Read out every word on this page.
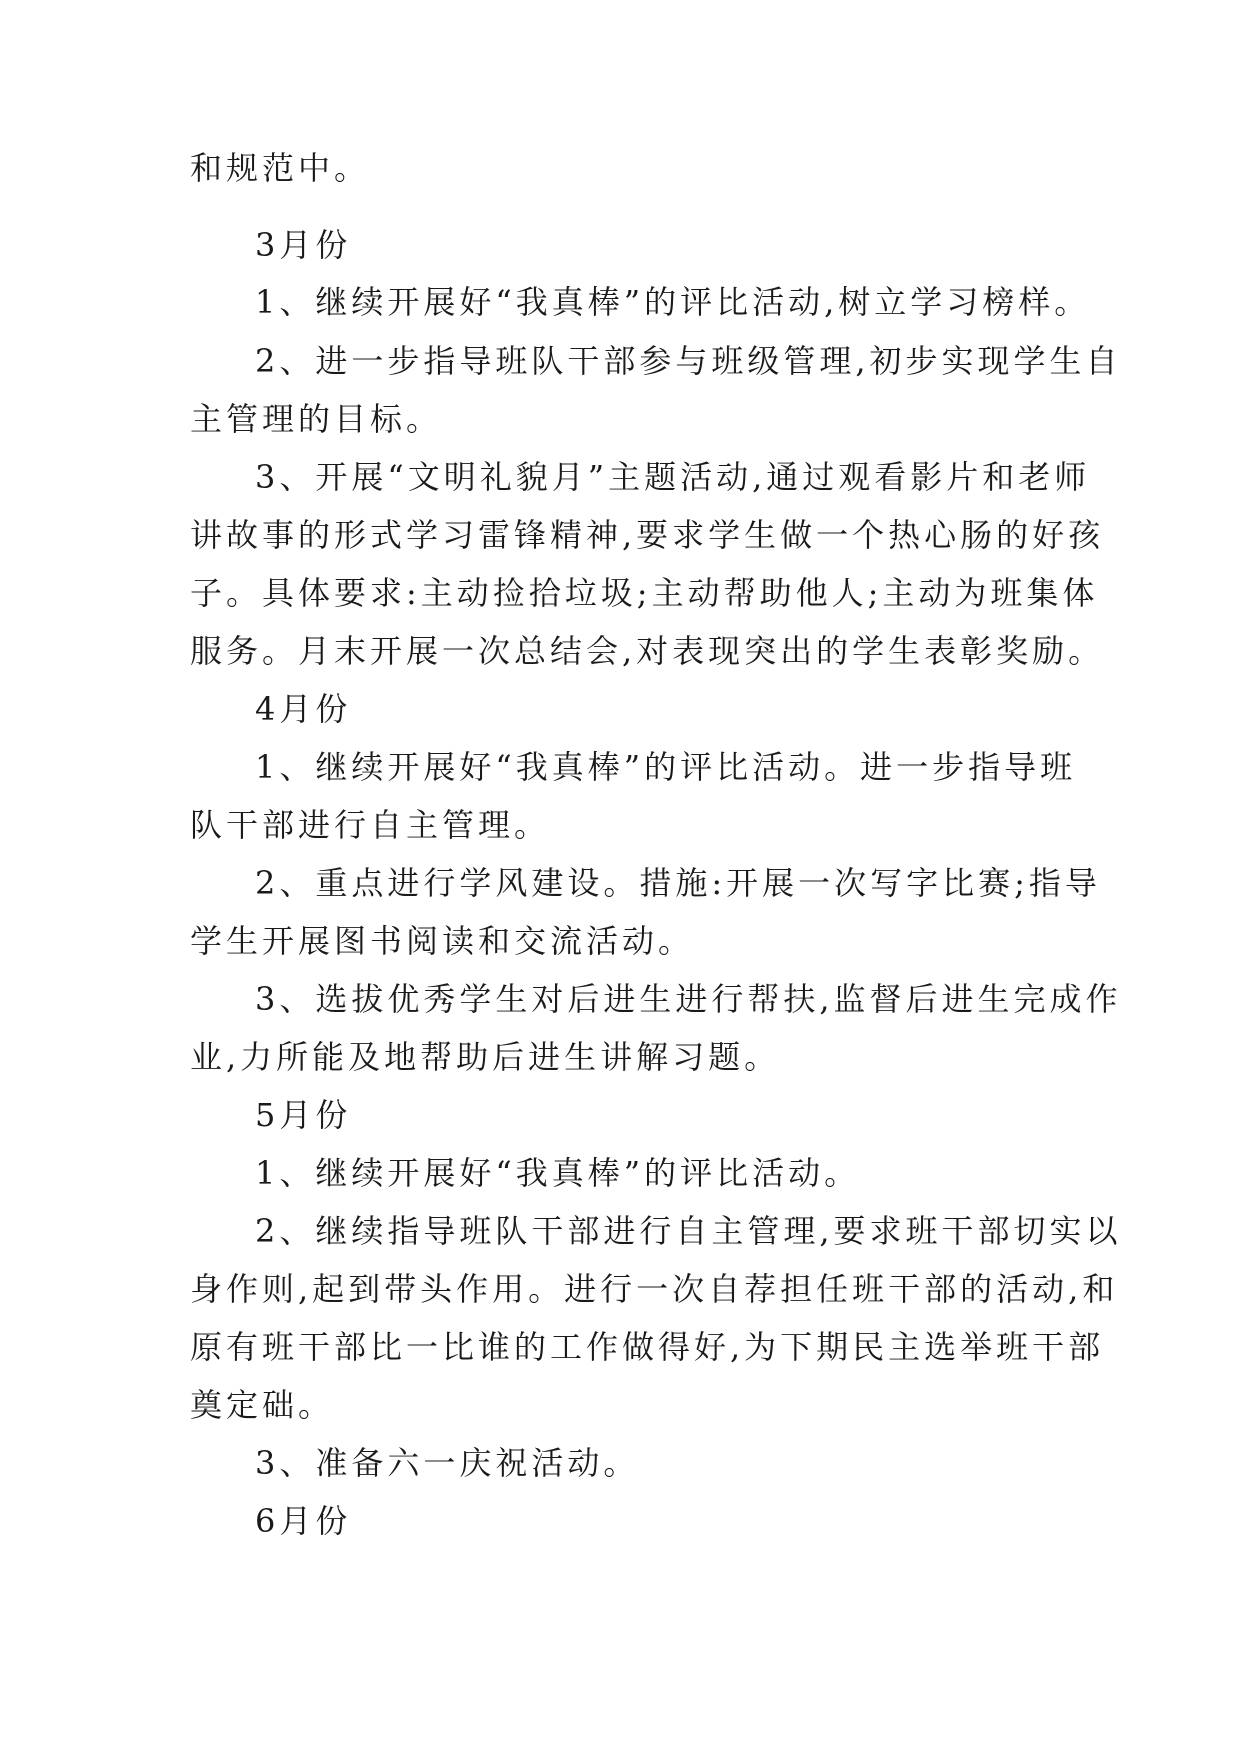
和规范中。
3月份
1、继续开展好“我真棒”的评比活动,树立学习榜样。
2、进一步指导班队干部参与班级管理,初步实现学生自
主管理的目标。
3、开展“文明礼貌月”主题活动,通过观看影片和老师
讲故事的形式学习雷锋精神,要求学生做一个热心肠的好孩
子。具体要求:主动捡拾垃圾;主动帮助他人;主动为班集体
服务。月末开展一次总结会,对表现突出的学生表彰奖励。
4月份
1、继续开展好“我真棒”的评比活动。进一步指导班
队干部进行自主管理。
2、重点进行学风建设。措施:开展一次写字比赛;指导
学生开展图书阅读和交流活动。
3、选拔优秀学生对后进生进行帮扶,监督后进生完成作
业,力所能及地帮助后进生讲解习题。
5月份
1、继续开展好“我真棒”的评比活动。
2、继续指导班队干部进行自主管理,要求班干部切实以
身作则,起到带头作用。进行一次自荐担任班干部的活动,和
原有班干部比一比谁的工作做得好,为下期民主选举班干部
奠定础。
3、准备六一庆祝活动。
6月份
